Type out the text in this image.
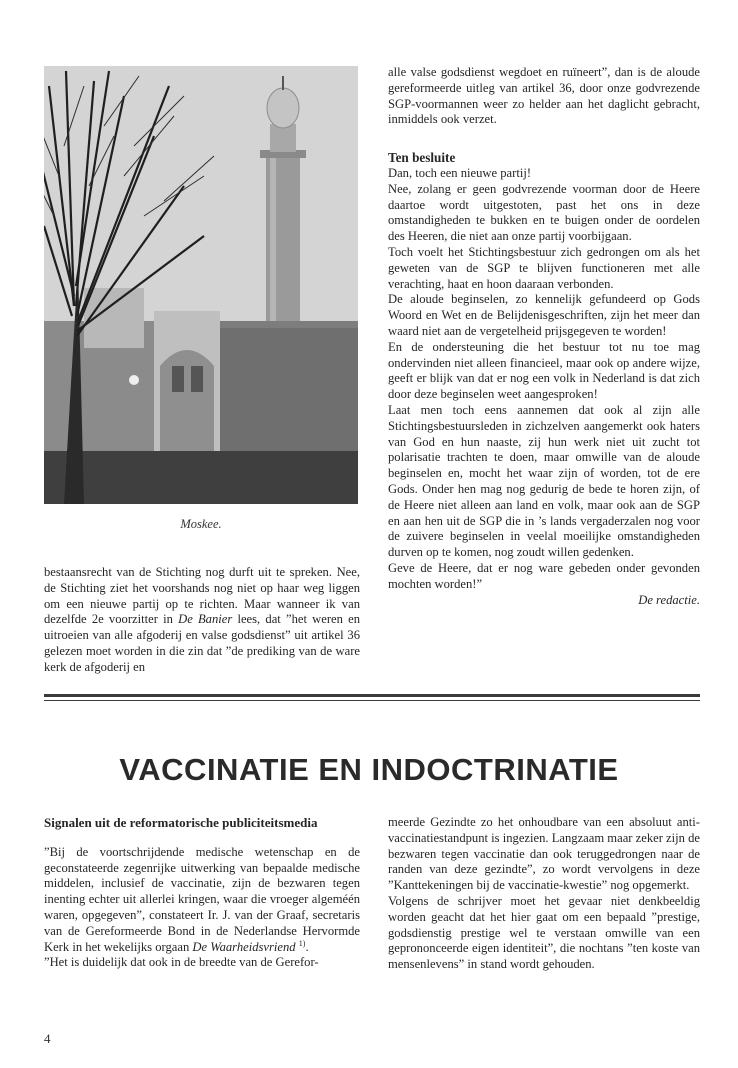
Moskee.

bestaansrecht van de Stichting nog durft uit te spreken. Nee, de Stichting ziet het voorshands nog niet op haar weg liggen om een nieuwe partij op te richten. Maar wanneer ik van dezelfde 2e voorzitter in De Banier lees, dat ”het weren en uitroeien van alle afgoderij en valse godsdienst” uit artikel 36 gelezen moet worden in die zin dat ”de prediking van de ware kerk de afgoderij en

alle valse godsdienst wegdoet en ruïneert”, dan is de aloude gereformeerde uitleg van artikel 36, door onze godvrezende SGP-voormannen weer zo helder aan het daglicht gebracht, inmiddels ook verzet.

Ten besluite

Dan, toch een nieuwe partij!

Nee, zolang er geen godvrezende voorman door de Heere daartoe wordt uitgestoten, past het ons in deze omstandigheden te bukken en te buigen onder de oordelen des Heeren, die niet aan onze partij voorbijgaan.

Toch voelt het Stichtingsbestuur zich gedrongen om als het geweten van de SGP te blijven functioneren met alle verachting, haat en hoon daaraan verbonden.

De aloude beginselen, zo kennelijk gefundeerd op Gods Woord en Wet en de Belijdenisgeschriften, zijn het meer dan waard niet aan de vergetelheid prijsgegeven te worden!

En de ondersteuning die het bestuur tot nu toe mag ondervinden niet alleen financieel, maar ook op andere wijze, geeft er blijk van dat er nog een volk in Nederland is dat zich door deze beginselen weet aangesproken!

Laat men toch eens aannemen dat ook al zijn alle Stichtingsbestuursleden in zichzelven aangemerkt ook haters van God en hun naaste, zij hun werk niet uit zucht tot polarisatie trachten te doen, maar omwille van de aloude beginselen en, mocht het waar zijn of worden, tot de ere Gods. Onder hen mag nog gedurig de bede te horen zijn, of de Heere niet alleen aan land en volk, maar ook aan de SGP en aan hen uit de SGP die in ’s lands vergaderzalen nog voor de zuivere beginselen in veelal moeilijke omstandigheden durven op te komen, nog zoudt willen gedenken.

Geve de Heere, dat er nog ware gebeden onder gevonden mochten worden!”

De redactie.

VACCINATIE EN INDOCTRINATIE

Signalen uit de reformatorische publiciteitsmedia

”Bij de voortschrijdende medische wetenschap en de geconstateerde zegenrijke uitwerking van bepaalde medische middelen, inclusief de vaccinatie, zijn de bezwaren tegen inenting echter uit allerlei kringen, waar die vroeger algeméén waren, opgegeven”, constateert Ir. J. van der Graaf, secretaris van de Gereformeerde Bond in de Nederlandse Hervormde Kerk in het wekelijks orgaan De Waarheidsvriend $^{1)}$.

”Het is duidelijk dat ook in de breedte van de Gerefor-

meerde Gezindte zo het onhoudbare van een absoluut anti-vaccinatiestandpunt is ingezien. Langzaam maar zeker zijn de bezwaren tegen vaccinatie dan ook teruggedrongen naar de randen van deze gezindte”, zo wordt vervolgens in deze ”Kanttekeningen bij de vaccinatie-kwestie” nog opgemerkt.

Volgens de schrijver moet het gevaar niet denkbeeldig worden geacht dat het hier gaat om een bepaald ”prestige, godsdienstig prestige wel te verstaan omwille van een geprononceerde eigen identiteit”, die nochtans ”ten koste van mensenlevens” in stand wordt gehouden.

4
